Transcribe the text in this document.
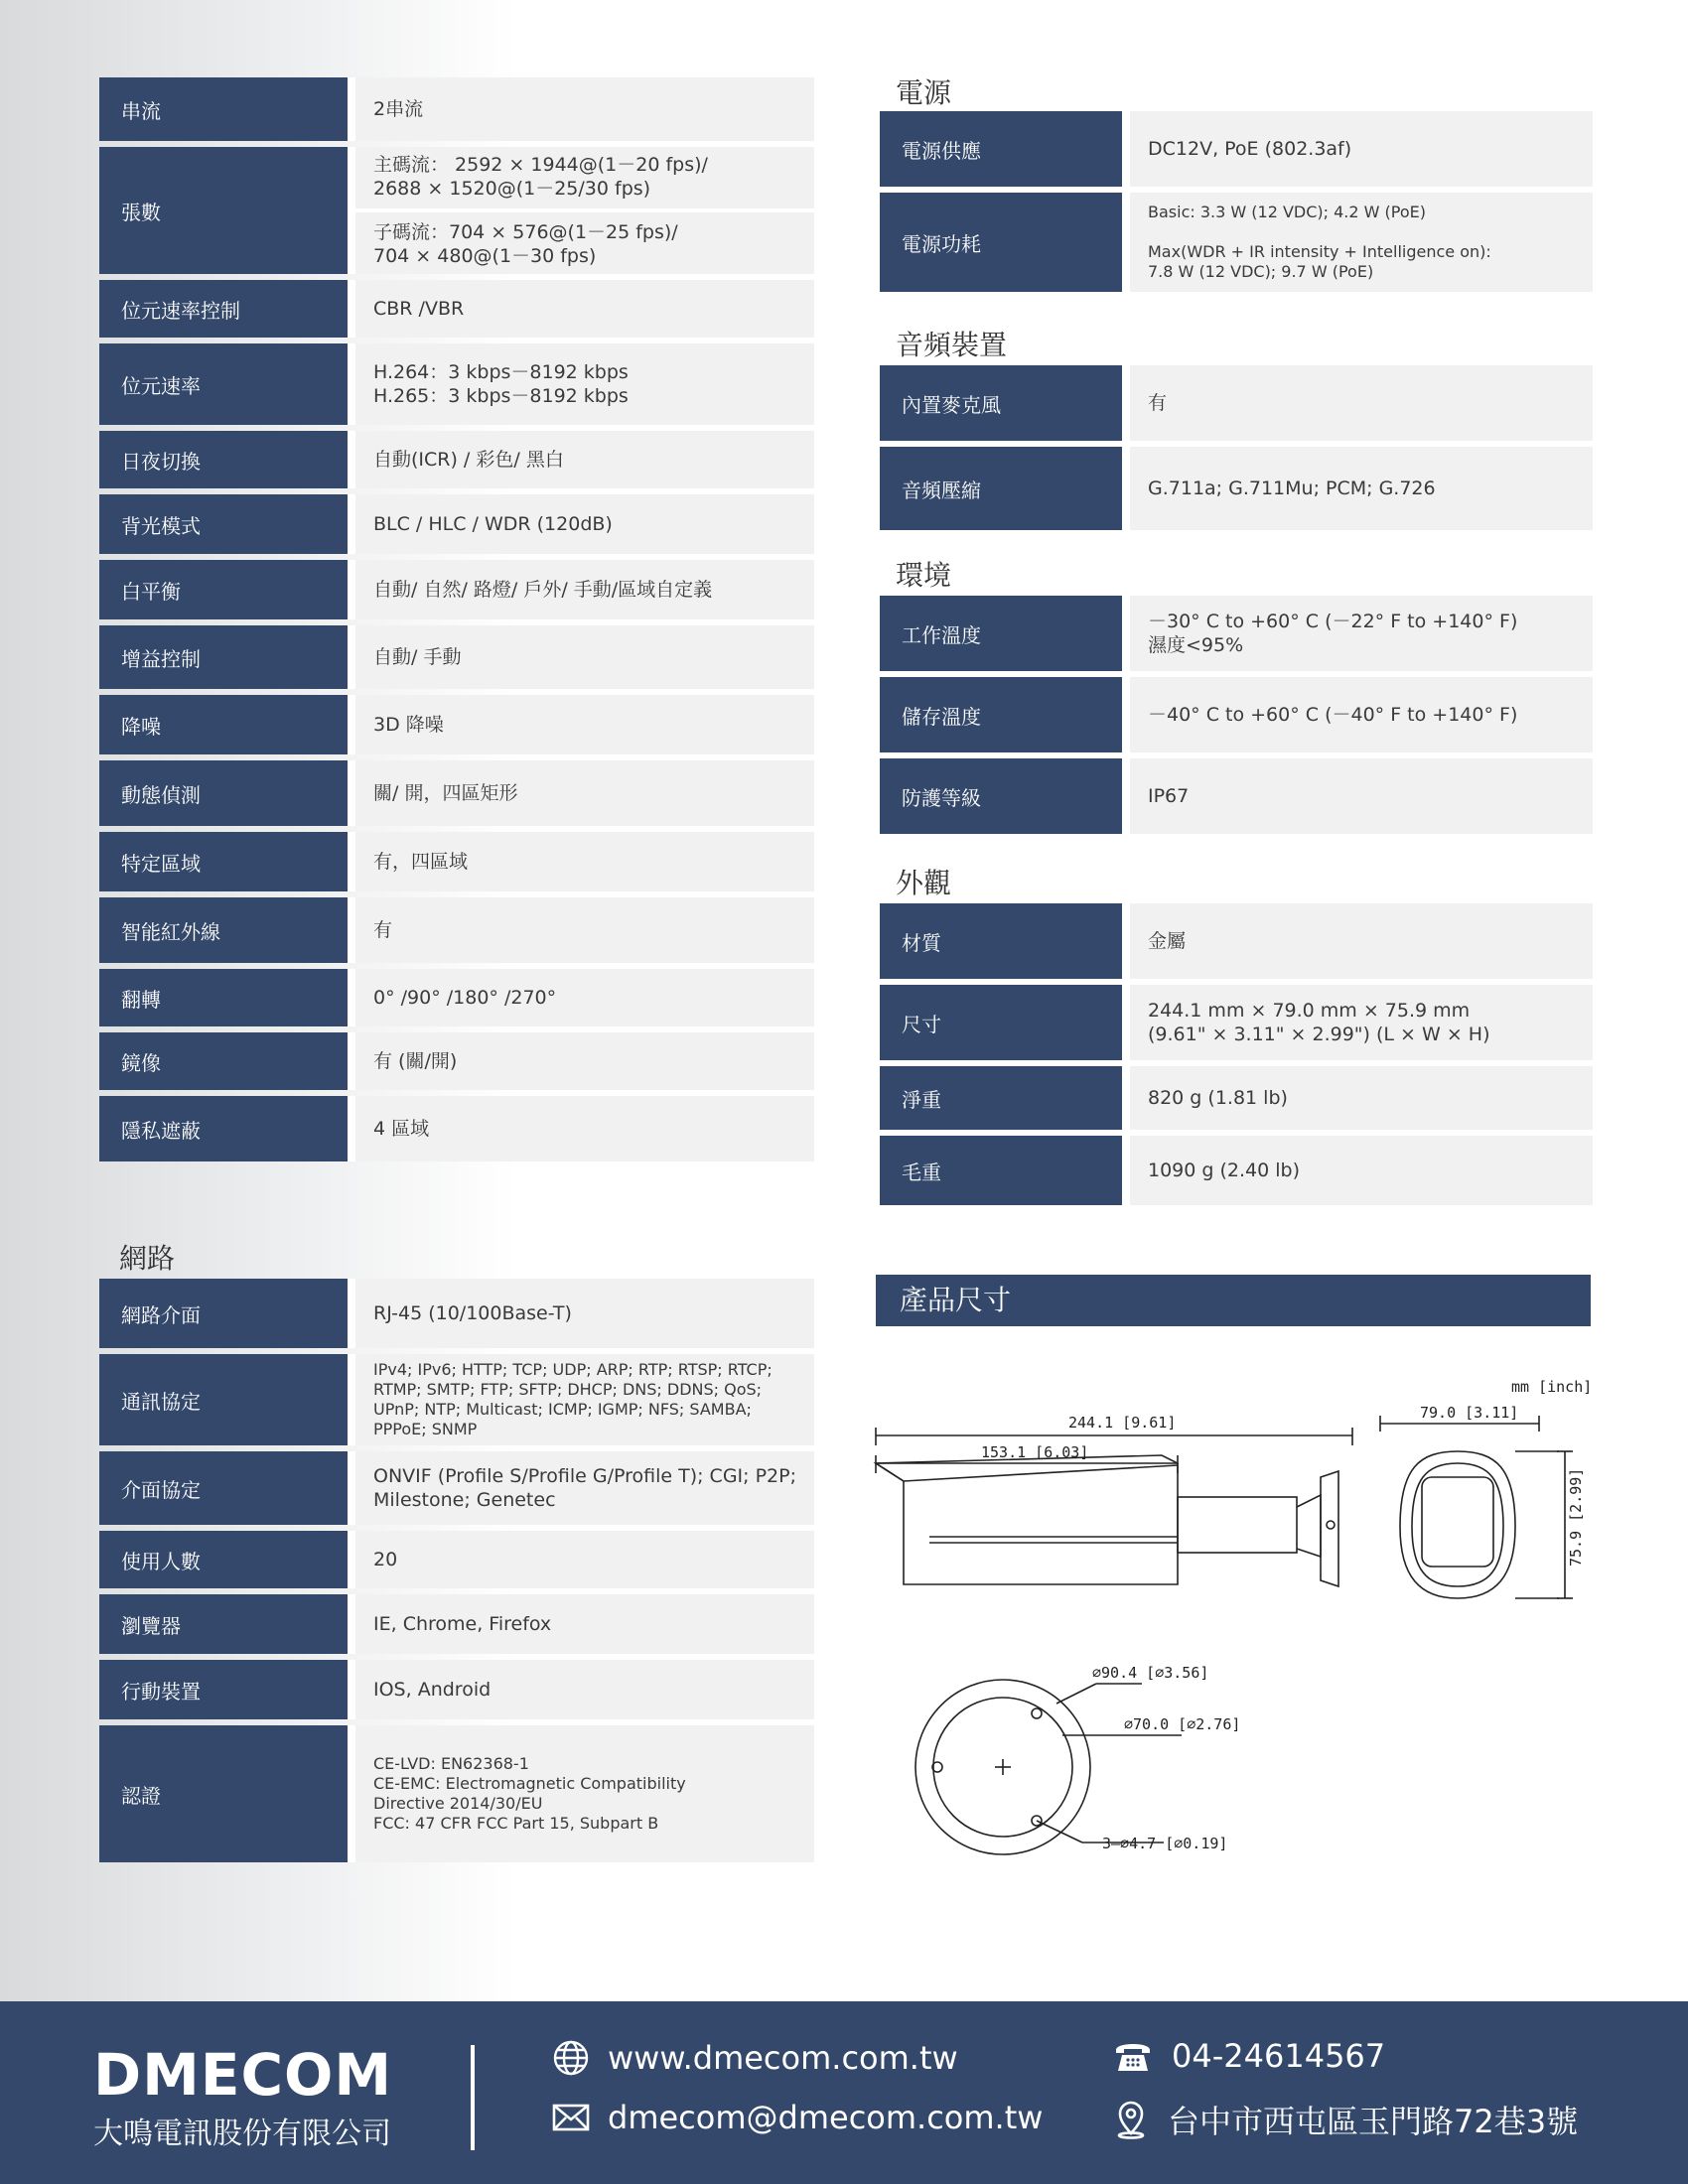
串流	2串流
張數	主碼流： 2592 × 1944@(1－20 fps)/
2688 × 1520@(1－25/30 fps)
子碼流：704 × 576@(1－25 fps)/
704 × 480@(1－30 fps)

位元速率控制	CBR /VBR
位元速率	H.264：3 kbps－8192 kbps
H.265：3 kbps－8192 kbps
日夜切換	自動(ICR) / 彩色/ 黑白
背光模式	BLC / HLC / WDR (120dB)
白平衡	自動/ 自然/ 路燈/ 戶外/ 手動/區域自定義
增益控制	自動/ 手動
降噪	3D 降噪
動態偵測	關/ 開，四區矩形
特定區域	有，四區域
智能紅外線	有
翻轉	0° /90° /180° /270°
鏡像	有 (關/開)
隱私遮蔽	4 區域
網路
網路介面	RJ-45 (10/100Base-T)
通訊協定	IPv4; IPv6; HTTP; TCP; UDP; ARP; RTP; RTSP; RTCP;
RTMP; SMTP; FTP; SFTP; DHCP; DNS; DDNS; QoS;
UPnP; NTP; Multicast; ICMP; IGMP; NFS; SAMBA;
PPPoE; SNMP
介面協定	ONVIF (Profile S/Profile G/Profile T); CGI; P2P;
Milestone; Genetec
使用人數	20
瀏覽器	IE, Chrome, Firefox
行動裝置	IOS, Android
認證	CE-LVD: EN62368-1
CE-EMC: Electromagnetic Compatibility
Directive 2014/30/EU
FCC: 47 CFR FCC Part 15, Subpart B
電源
電源供應	DC12V, PoE (802.3af)
電源功耗	Basic: 3.3 W (12 VDC); 4.2 W (PoE)

Max(WDR + IR intensity + Intelligence on):
7.8 W (12 VDC); 9.7 W (PoE)
音頻裝置
內置麥克風	有
音頻壓縮	G.711a; G.711Mu; PCM; G.726
環境
工作溫度	－30° C to +60° C (－22° F to +140° F)
濕度<95%
儲存溫度	－40° C to +60° C (－40° F to +140° F)
防護等級	IP67
外觀
材質	金屬
尺寸	244.1 mm × 79.0 mm × 75.9 mm
(9.61" × 3.11" × 2.99") (L × W × H)
淨重	820 g (1.81 lb)
毛重	1090 g (2.40 lb)
產品尺寸
mm [inch]
244.1 [9.61]
153.1 [6.03]
79.0 [3.11]
75.9 [2.99]
⌀90.4 [⌀3.56]
⌀70.0 [⌀2.76]
3–⌀4.7 [⌀0.19]
DMECOM
大鳴電訊股份有限公司
www.dmecom.com.tw
dmecom@dmecom.com.tw
04-24614567
台中市西屯區玉門路72巷3號
